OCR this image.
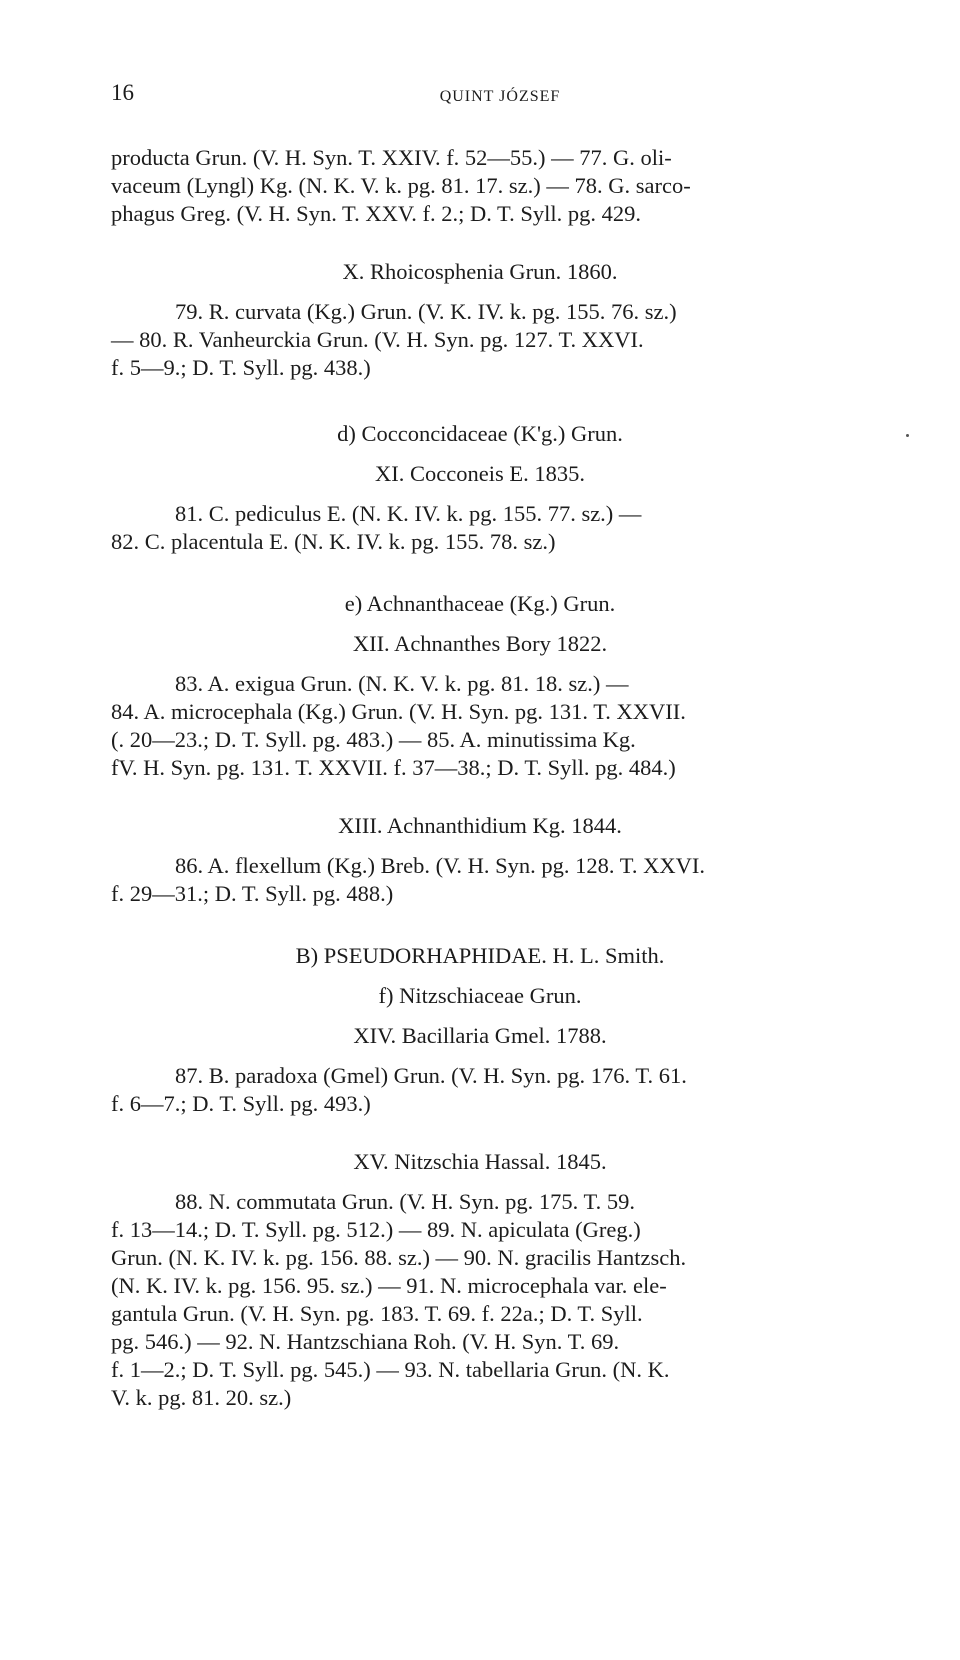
16	QUINT JÓZSEF
producta Grun. (V. H. Syn. T. XXIV. f. 52—55.) — 77. G. oli-
vaceum (Lyngl) Kg. (N. K. V. k. pg. 81. 17. sz.) — 78. G. sarco-
phagus Greg. (V. H. Syn. T. XXV. f. 2.; D. T. Syll. pg. 429.
X. Rhoicosphenia Grun. 1860.
79. R. curvata (Kg.) Grun. (V. K. IV. k. pg. 155. 76. sz.)
— 80. R. Vanheurckia Grun. (V. H. Syn. pg. 127. T. XXVI.
f. 5—9.; D. T. Syll. pg. 438.)
d) Cocconcidaceae (K'g.) Grun.
XI. Cocconeis E. 1835.
81. C. pediculus E. (N. K. IV. k. pg. 155. 77. sz.) —
82. C. placentula E. (N. K. IV. k. pg. 155. 78. sz.)
e) Achnanthaceae (Kg.) Grun.
XII. Achnanthes Bory 1822.
83. A. exigua Grun. (N. K. V. k. pg. 81. 18. sz.) —
84. A. microcephala (Kg.) Grun. (V. H. Syn. pg. 131. T. XXVII.
(. 20—23.; D. T. Syll. pg. 483.) — 85. A. minutissima Kg.
fV. H. Syn. pg. 131. T. XXVII. f. 37—38.; D. T. Syll. pg. 484.)
XIII. Achnanthidium Kg. 1844.
86. A. flexellum (Kg.) Breb. (V. H. Syn. pg. 128. T. XXVI.
f. 29—31.; D. T. Syll. pg. 488.)
B) PSEUDORHAPHIDAE. H. L. Smith.
f) Nitzschiaceae Grun.
XIV. Bacillaria Gmel. 1788.
87. B. paradoxa (Gmel) Grun. (V. H. Syn. pg. 176. T. 61.
f. 6—7.; D. T. Syll. pg. 493.)
XV. Nitzschia Hassal. 1845.
88. N. commutata Grun. (V. H. Syn. pg. 175. T. 59.
f. 13—14.; D. T. Syll. pg. 512.) — 89. N. apiculata (Greg.)
Grun. (N. K. IV. k. pg. 156. 88. sz.) — 90. N. gracilis Hantzsch.
(N. K. IV. k. pg. 156. 95. sz.) — 91. N. microcephala var. ele-
gantula Grun. (V. H. Syn. pg. 183. T. 69. f. 22a.; D. T. Syll.
pg. 546.) — 92. N. Hantzschiana Roh. (V. H. Syn. T. 69.
f. 1—2.; D. T. Syll. pg. 545.) — 93. N. tabellaria Grun. (N. K.
V. k. pg. 81. 20. sz.)
